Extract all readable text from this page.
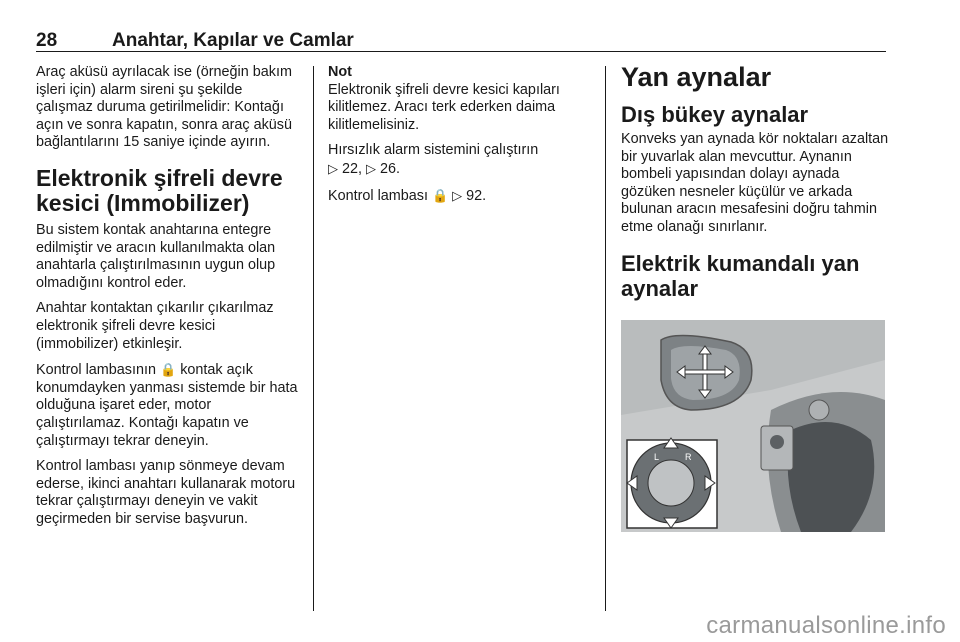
28	Anahtar, Kapılar ve Camlar

Araç aküsü ayrılacak ise (örneğin bakım işleri için) alarm sireni şu şekilde çalışmaz duruma getirilmelidir: Kontağı açın ve sonra kapatın, sonra araç aküsü bağlantılarını 15 saniye içinde ayırın.

Elektronik şifreli devre kesici (Immobilizer)

Bu sistem kontak anahtarına entegre edilmiştir ve aracın kullanılmakta olan anahtarla çalıştırılmasının uygun olup olmadığını kontrol eder.

Anahtar kontaktan çıkarılır çıkarılmaz elektronik şifreli devre kesici (immobilizer) etkinleşir.

Kontrol lambasının 🔒 kontak açık konumdayken yanması sistemde bir hata olduğuna işaret eder, motor çalıştırılamaz. Kontağı kapatın ve çalıştırmayı tekrar deneyin.

Kontrol lambası yanıp sönmeye devam ederse, ikinci anahtarı kullanarak motoru tekrar çalıştırmayı deneyin ve vakit geçirmeden bir servise başvurun.

Not

Elektronik şifreli devre kesici kapıları kilitlemez. Aracı terk ederken daima kilitlemelisiniz.

Hırsızlık alarm sistemini çalıştırın
▷ 22, ▷ 26.

Kontrol lambası 🔒 ▷ 92.

Yan aynalar
Dış bükey aynalar

Konveks yan aynada kör noktaları azaltan bir yuvarlak alan mevcuttur. Aynanın bombeli yapısından dolayı aynada gözüken nesneler küçülür ve arkada bulunan aracın mesafesini doğru tahmin etme olanağı sınırlanır.

Elektrik kumandalı yan aynalar
L	R
carmanualsonline.info
